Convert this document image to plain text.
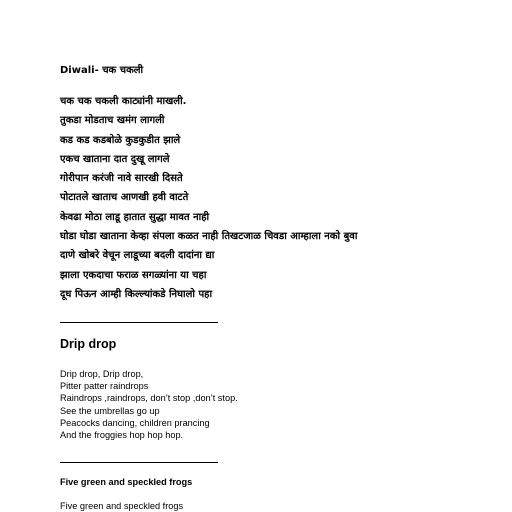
Diwali- चक चकली
चक चक चकली काट्यांनी माखली.
तुकडा मोडताच खमंग लागली
कड कड कडबोळे कुडकुडीत झाले
एकच खाताना दात दुखू लागले
गोरीपान करंजी नावे सारखी दिसते
पोटातले खाताच आणखी हवी वाटते
केवढा मोठा लाडू हातात सुद्धा मावत नाही
घोडा घोडा खाताना केव्हा संपला कळत नाही तिखटजाळ चिवडा आम्हाला नको बुवा
दाणे खोबरे वेचून लाडूच्या बदली दादांना द्या
झाला एकदाचा फराळ सगळ्यांना या चहा
दूध पिऊन आम्ही किल्ल्यांकडे निघालो पहा
Drip drop
Drip drop, Drip drop,
Pitter patter raindrops
Raindrops ,raindrops, don’t stop ,don’t stop.
See the umbrellas go up
Peacocks dancing, children prancing
And the froggies hop hop hop.
Five green and speckled frogs
Five green and speckled frogs
